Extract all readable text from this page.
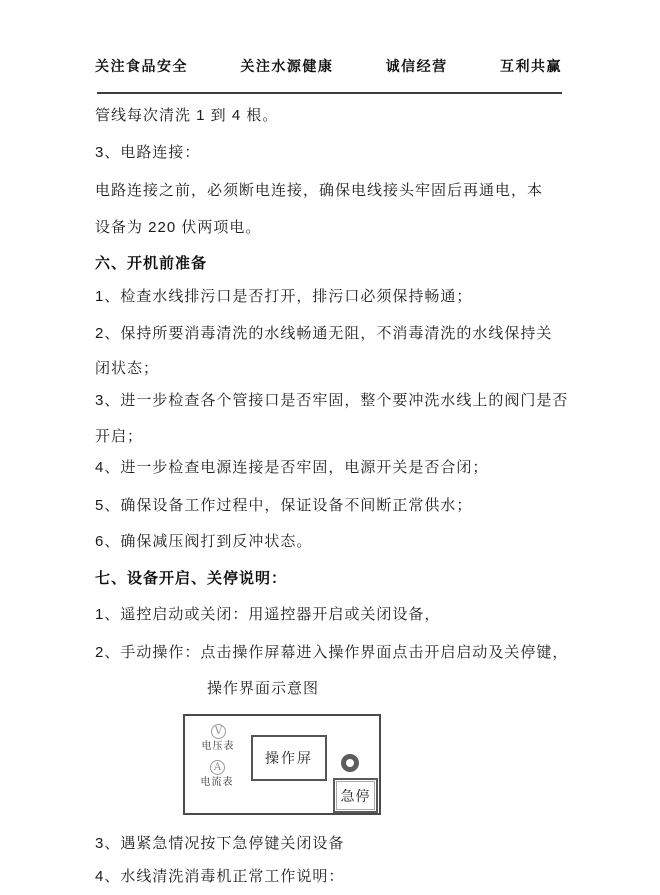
关注食品安全	关注水源健康	诚信经营	互利共赢
管线每次清洗 1 到 4 根。
3、电路连接：
电路连接之前，必须断电连接，确保电线接头牢固后再通电，本
设备为 220 伏两项电。
六、开机前准备
1、检查水线排污口是否打开，排污口必须保持畅通；
2、保持所要消毒清洗的水线畅通无阻，不消毒清洗的水线保持关
闭状态；
3、进一步检查各个管接口是否牢固，整个要冲洗水线上的阀门是否
开启；
4、进一步检查电源连接是否牢固，电源开关是否合闭；
5、确保设备工作过程中，保证设备不间断正常供水；
6、确保减压阀打到反冲状态。
七、设备开启、关停说明：
1、遥控启动或关闭：用遥控器开启或关闭设备，
2、手动操作：点击操作屏幕进入操作界面点击开启启动及关停键，
操作界面示意图
V
电压表
A
电流表
操作屏
急停
3、遇紧急情况按下急停键关闭设备
4、水线清洗消毒机正常工作说明：
